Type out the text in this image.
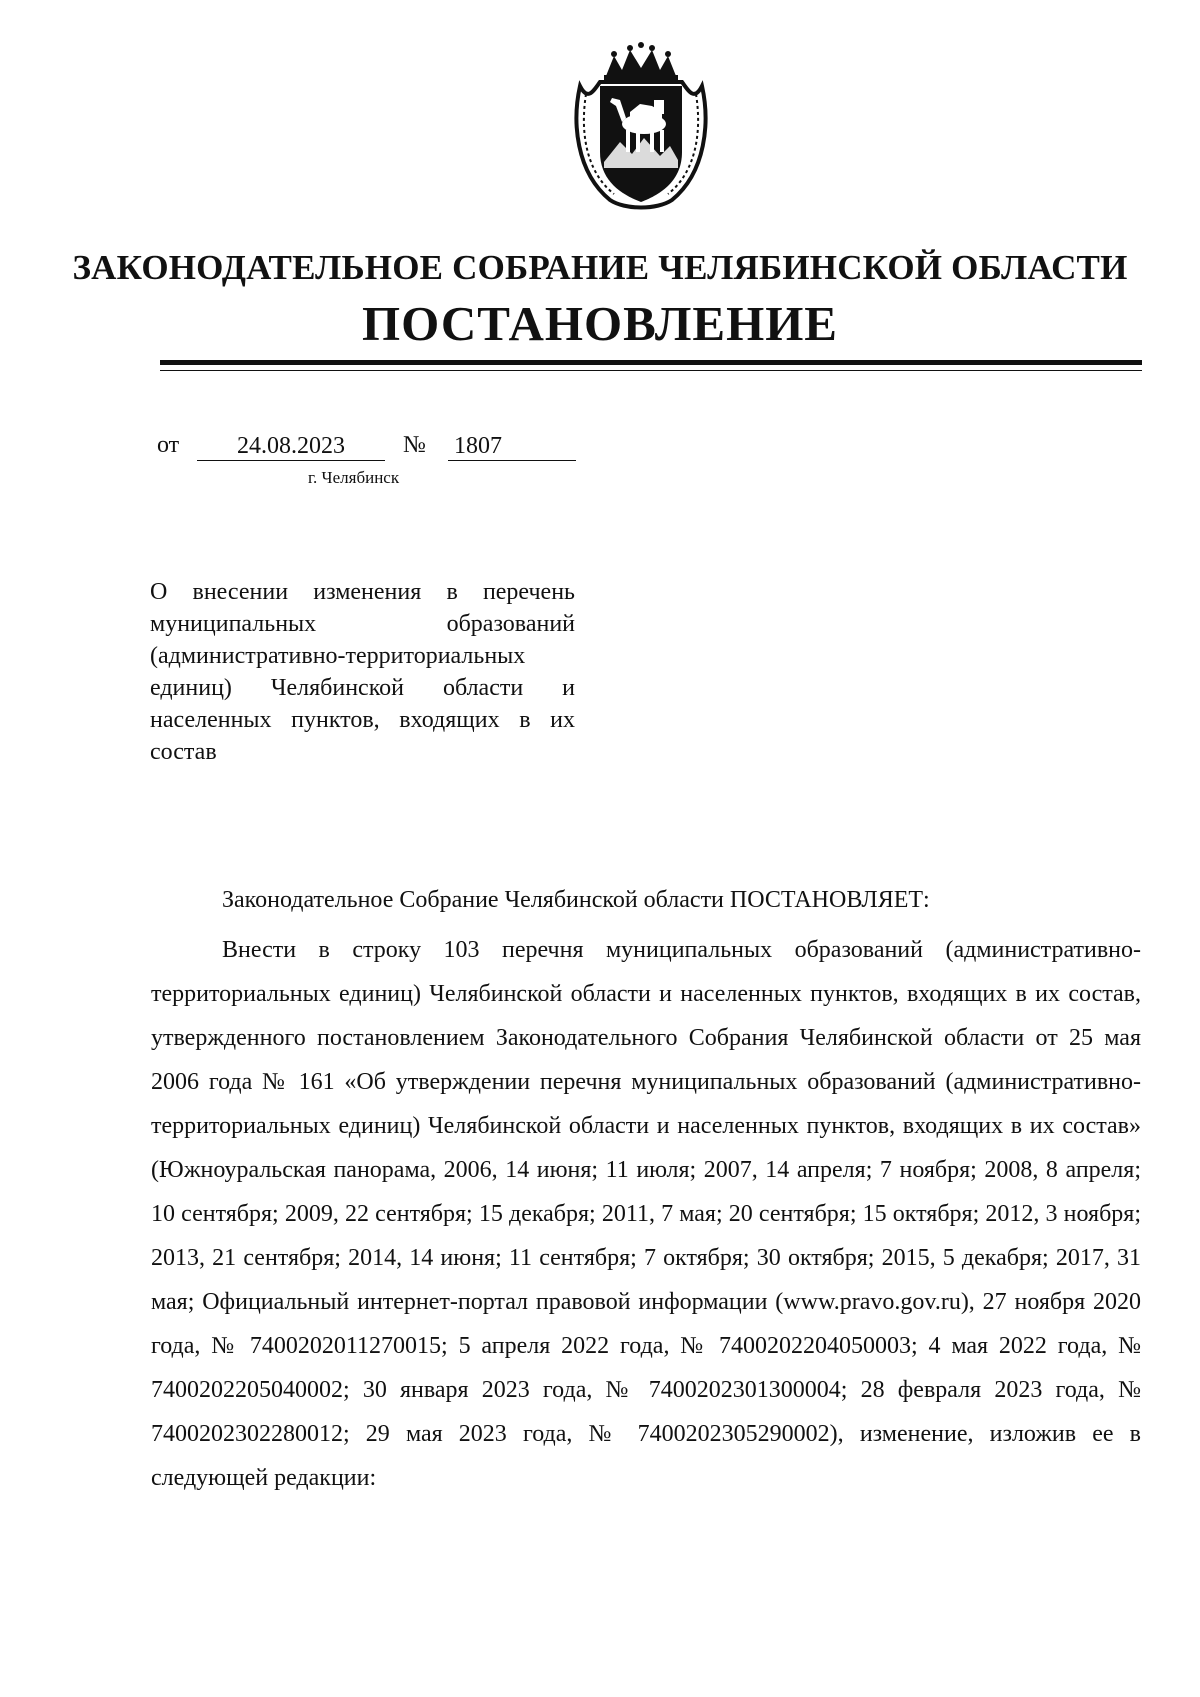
ЗАКОНОДАТЕЛЬНОЕ СОБРАНИЕ ЧЕЛЯБИНСКОЙ ОБЛАСТИ
ПОСТАНОВЛЕНИЕ
от	24.08.2023	№ 1807
г. Челябинск
О внесении изменения в перечень муниципальных образований (административно-территориальных единиц) Челябинской области и населенных пунктов, входящих в их состав

Законодательное Собрание Челябинской области ПОСТАНОВЛЯЕТ:

Внести в строку 103 перечня муниципальных образований (административно-территориальных единиц) Челябинской области и населенных пунктов, входящих в их состав, утвержденного постановлением Законодательного Собрания Челябинской области от 25 мая 2006 года № 161 «Об утверждении перечня муниципальных образований (административно-территориальных единиц) Челябинской области и населенных пунктов, входящих в их состав» (Южноуральская панорама, 2006, 14 июня; 11 июля; 2007, 14 апреля; 7 ноября; 2008, 8 апреля; 10 сентября; 2009, 22 сентября; 15 декабря; 2011, 7 мая; 20 сентября; 15 октября; 2012, 3 ноября; 2013, 21 сентября; 2014, 14 июня; 11 сентября; 7 октября; 30 октября; 2015, 5 декабря; 2017, 31 мая; Официальный интернет-портал правовой информации (www.pravo.gov.ru), 27 ноября 2020 года, № 7400202011270015; 5 апреля 2022 года, № 7400202204050003; 4 мая 2022 года, № 7400202205040002; 30 января 2023 года, № 7400202301300004; 28 февраля 2023 года, № 7400202302280012; 29 мая 2023 года, № 7400202305290002), изменение, изложив ее в следующей редакции:
